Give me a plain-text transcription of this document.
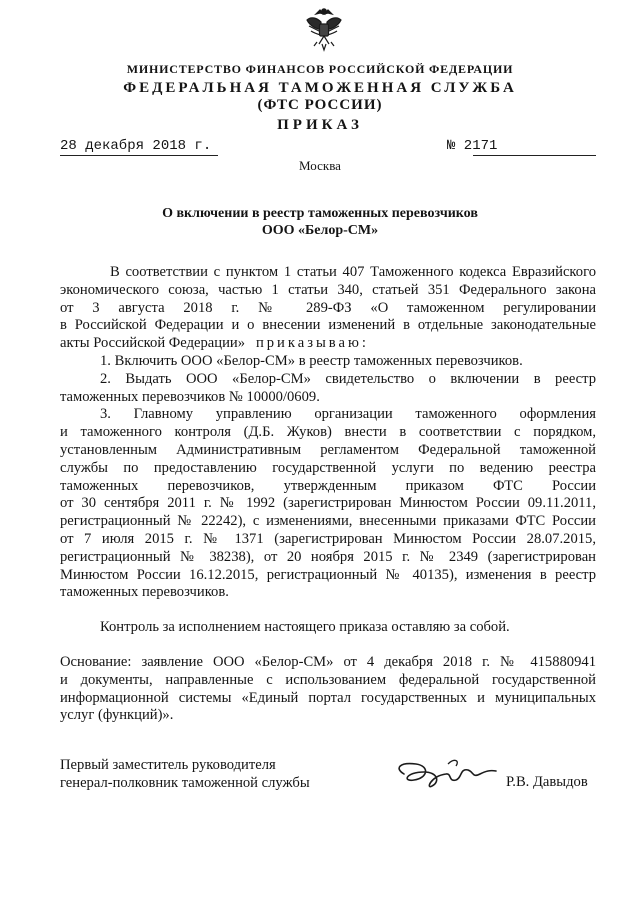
МИНИСТЕРСТВО ФИНАНСОВ РОССИЙСКОЙ ФЕДЕРАЦИИ
ФЕДЕРАЛЬНАЯ ТАМОЖЕННАЯ СЛУЖБА
(ФТС РОССИИ)
ПРИКАЗ
28 декабря 2018 г.	№ 2171
Москва
О включении в реестр таможенных перевозчиков
ООО «Белор-СМ»
В соответствии с пунктом 1 статьи 407 Таможенного кодекса Евразийского
экономического союза, частью 1 статьи 340, статьей 351 Федерального закона
от 3 августа 2018 г. № 289-ФЗ «О таможенном регулировании
в Российской Федерации и о внесении изменений в отдельные законодательные
акты Российской Федерации» приказываю:
1. Включить ООО «Белор-СМ» в реестр таможенных перевозчиков.
2. Выдать ООО «Белор-СМ» свидетельство о включении в реестр
таможенных перевозчиков № 10000/0609.
3. Главному управлению организации таможенного оформления
и таможенного контроля (Д.Б. Жуков) внести в соответствии с порядком,
установленным Административным регламентом Федеральной таможенной
службы по предоставлению государственной услуги по ведению реестра
таможенных перевозчиков, утвержденным приказом ФТС России
от 30 сентября 2011 г. № 1992 (зарегистрирован Минюстом России 09.11.2011,
регистрационный № 22242), с изменениями, внесенными приказами ФТС России
от 7 июля 2015 г. № 1371 (зарегистрирован Минюстом России 28.07.2015,
регистрационный № 38238), от 20 ноября 2015 г. № 2349 (зарегистрирован
Минюстом России 16.12.2015, регистрационный № 40135), изменения в реестр
таможенных перевозчиков.
Контроль за исполнением настоящего приказа оставляю за собой.
Основание: заявление ООО «Белор-СМ» от 4 декабря 2018 г. № 415880941
и документы, направленные с использованием федеральной государственной
информационной системы «Единый портал государственных и муниципальных
услуг (функций)».
Первый заместитель руководителя
генерал-полковник таможенной службы	Р.В. Давыдов
